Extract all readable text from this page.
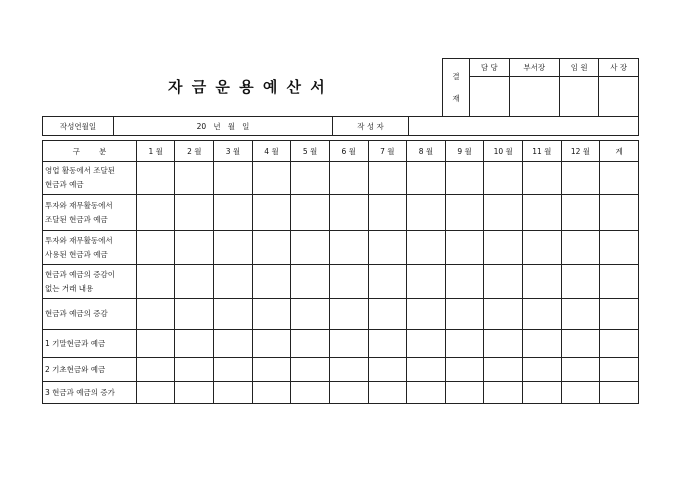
자 금 운 용 예 산 서
결
재	담 당	부서장	임 원	사 장

작성연월일	20   년   월   일	작 성 자	
구        분	1 월	2 월	3 월	4 월	5 월	6 월	7 월	8 월	9 월	10 월	11 월	12 월	계

영업 활동에서 조달된
현금과 예금													

투자와 재무활동에서
조달된 현금과 예금													

투자와 재무활동에서
사용된 현금과 예금													

현금과 예금의 증감이
없는 거래 내용													

현금과 예금의 증감													

1 기말현금과 예금													

2 기초현금와 예금													

3 현금과 예금의 증가													
